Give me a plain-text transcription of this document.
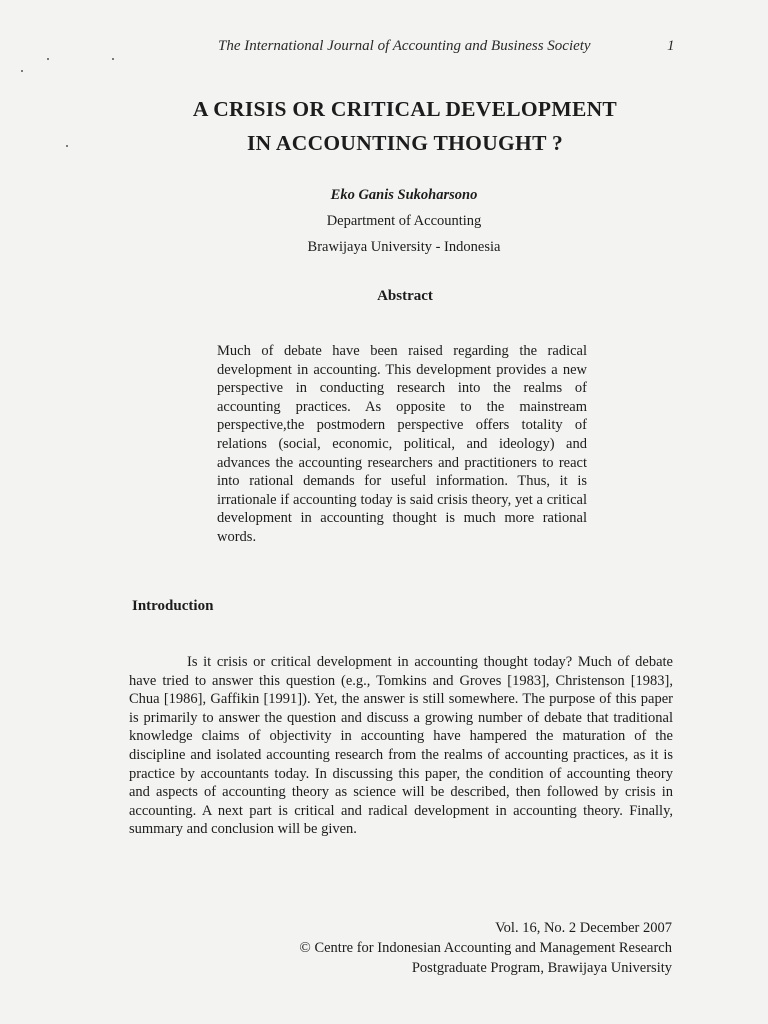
The International Journal of Accounting and Business Society	1
A CRISIS OR CRITICAL DEVELOPMENT
IN ACCOUNTING THOUGHT ?
Eko Ganis Sukoharsono
Department of Accounting
Brawijaya University - Indonesia
Abstract
Much of debate have been raised regarding the radical development in accounting. This development provides a new perspective in conducting research into the realms of accounting practices. As opposite to the mainstream perspective,the postmodern perspective offers totality of relations (social, economic, political, and ideology) and advances the accounting researchers and practitioners to react into rational demands for useful information. Thus, it is irrationale if accounting today is said crisis theory, yet a critical development in accounting thought is much more rational words.
Introduction
Is it crisis or critical development in accounting thought today? Much of debate have tried to answer this question (e.g., Tomkins and Groves [1983], Christenson [1983], Chua [1986], Gaffikin [1991]). Yet, the answer is still somewhere. The purpose of this paper is primarily to answer the question and discuss a growing number of debate that traditional knowledge claims of objectivity in accounting have hampered the maturation of the discipline and isolated accounting research from the realms of accounting practices, as it is practice by accountants today. In discussing this paper, the condition of accounting theory and aspects of accounting theory as science will be described, then followed by crisis in accounting. A next part is critical and radical development in accounting theory. Finally, summary and conclusion will be given.
Vol. 16, No. 2 December 2007
© Centre for Indonesian Accounting and Management Research
Postgraduate Program, Brawijaya University
